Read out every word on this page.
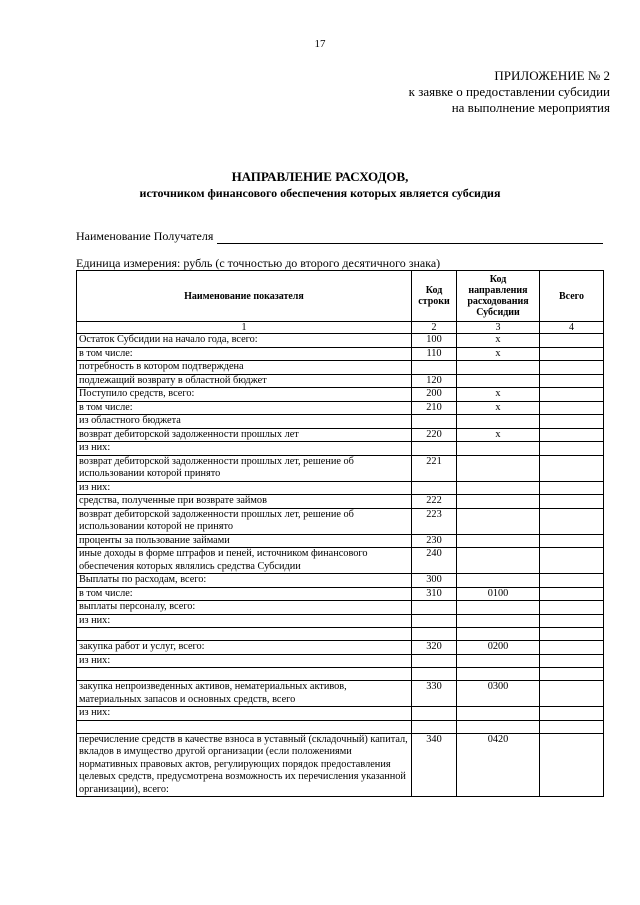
17
ПРИЛОЖЕНИЕ № 2
к заявке о предоставлении субсидии
на выполнение мероприятия
НАПРАВЛЕНИЕ РАСХОДОВ,
источником финансового обеспечения которых является субсидия
Наименование Получателя
Единица измерения: рубль (с точностью до второго десятичного знака)
Наименование показателя	Код строки	Код направления расходования Субсидии	Всего
1	2	3	4
Остаток Субсидии на начало года, всего:	100	x	
в том числе:	110	x	
потребность в котором подтверждена			
подлежащий возврату в областной бюджет	120		
Поступило средств, всего:	200	x	
в том числе:	210	x	
из областного бюджета			
возврат дебиторской задолженности прошлых лет	220	x	
из них:			
возврат дебиторской задолженности прошлых лет, решение об использовании которой принято	221		
из них:			
средства, полученные при возврате займов	222		
возврат дебиторской задолженности прошлых лет, решение об использовании которой не принято	223		
проценты за пользование займами	230		
иные доходы в форме штрафов и пеней, источником финансового обеспечения которых являлись средства Субсидии	240		
Выплаты по расходам, всего:	300		
в том числе:	310	0100	
выплаты персоналу, всего:			
из них:			

закупка работ и услуг, всего:	320	0200	
из них:			

закупка непроизведенных активов, нематериальных активов, материальных запасов и основных средств, всего	330	0300	
из них:			

перечисление средств в качестве взноса в уставный (складочный) капитал, вкладов в имущество другой организации (если положениями нормативных правовых актов, регулирующих порядок предоставления целевых средств, предусмотрена возможность их перечисления указанной организации), всего:	340	0420	
